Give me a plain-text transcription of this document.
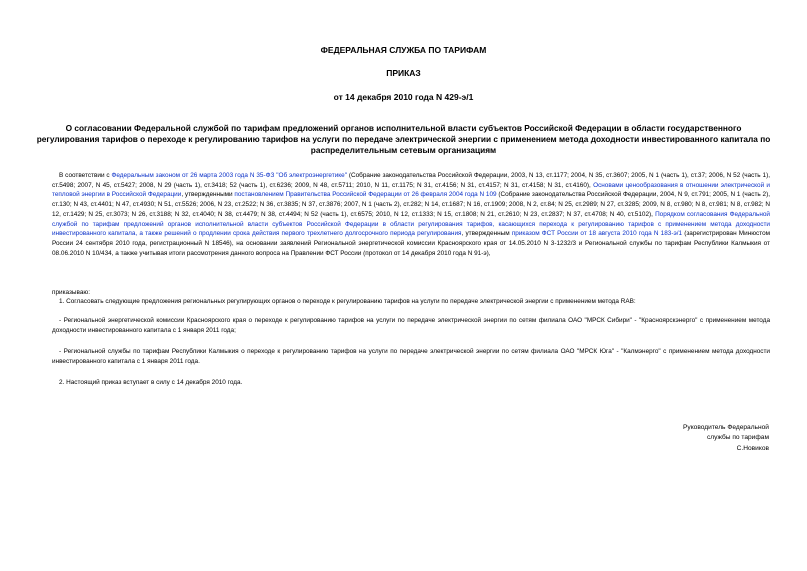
ФЕДЕРАЛЬНАЯ СЛУЖБА ПО ТАРИФАМ
ПРИКАЗ
от 14 декабря 2010 года N 429-э/1
О согласовании Федеральной службой по тарифам предложений органов исполнительной власти субъектов Российской Федерации в области государственного регулирования тарифов о переходе к регулированию тарифов на услуги по передаче электрической энергии с применением метода доходности инвестированного капитала по распределительным сетевым организациям

В соответствии с Федеральным законом от 26 марта 2003 года N 35-ФЗ "Об электроэнергетике" (Собрание законодательства Российской Федерации, 2003, N 13, ст.1177; 2004, N 35, ст.3607; 2005, N 1 (часть 1), ст.37; 2006, N 52 (часть 1), ст.5498; 2007, N 45, ст.5427; 2008, N 29 (часть 1), ст.3418; 52 (часть 1), ст.6236; 2009, N 48, ст.5711; 2010, N 11, ст.1175; N 31, ст.4156; N 31, ст.4157; N 31, ст.4158; N 31, ст.4160), Основами ценообразования в отношении электрической и тепловой энергии в Российской Федерации, утвержденными постановлением Правительства Российской Федерации от 26 февраля 2004 года N 109 (Собрание законодательства Российской Федерации, 2004, N 9, ст.791; 2005, N 1 (часть 2), ст.130; N 43, ст.4401; N 47, ст.4930; N 51, ст.5526; 2006, N 23, ст.2522; N 36, ст.3835; N 37, ст.3876; 2007, N 1 (часть 2), ст.282; N 14, ст.1687; N 16, ст.1909; 2008, N 2, ст.84; N 25, ст.2989; N 27, ст.3285; 2009, N 8, ст.980; N 8, ст.981; N 8, ст.982; N 12, ст.1429; N 25, ст.3073; N 26, ст.3188; N 32, ст.4040; N 38, ст.4479; N 38, ст.4494; N 52 (часть 1), ст.6575; 2010, N 12, ст.1333; N 15, ст.1808; N 21, ст.2610; N 23, ст.2837; N 37, ст.4708; N 40, ст.5102), Порядком согласования Федеральной службой по тарифам предложений органов исполнительной власти субъектов Российской Федерации в области регулирования тарифов, касающихся перехода к регулированию тарифов с применением метода доходности инвестированного капитала, а также решений о продлении срока действия первого трехлетнего долгосрочного периода регулирования, утвержденным приказом ФСТ России от 18 августа 2010 года N 183-э/1 (зарегистрирован Минюстом России 24 сентября 2010 года, регистрационный N 18546), на основании заявлений Региональной энергетической комиссии Красноярского края от 14.05.2010 N 3-1232/3 и Региональной службы по тарифам Республики Калмыкия от 08.06.2010 N 10/434, а также учитывая итоги рассмотрения данного вопроса на Правлении ФСТ России (протокол от 14 декабря 2010 года N 91-э),

приказываю:
1. Согласовать следующие предложения региональных регулирующих органов о переходе к регулированию тарифов на услуги по передаче электрической энергии с применением метода RAB:

- Региональной энергетической комиссии Красноярского края о переходе к регулированию тарифов на услуги по передаче электрической энергии по сетям филиала ОАО "МРСК Сибири" - "Красноярскэнерго" с применением метода доходности инвестированного капитала с 1 января 2011 года;

- Региональной службы по тарифам Республики Калмыкия о переходе к регулированию тарифов на услуги по передаче электрической энергии по сетям филиала ОАО "МРСК Юга" - "Калмэнерго" с применением метода доходности инвестированного капитала с 1 января 2011 года.

2. Настоящий приказ вступает в силу с 14 декабря 2010 года.
Руководитель Федеральной
службы по тарифам
С.Новиков
